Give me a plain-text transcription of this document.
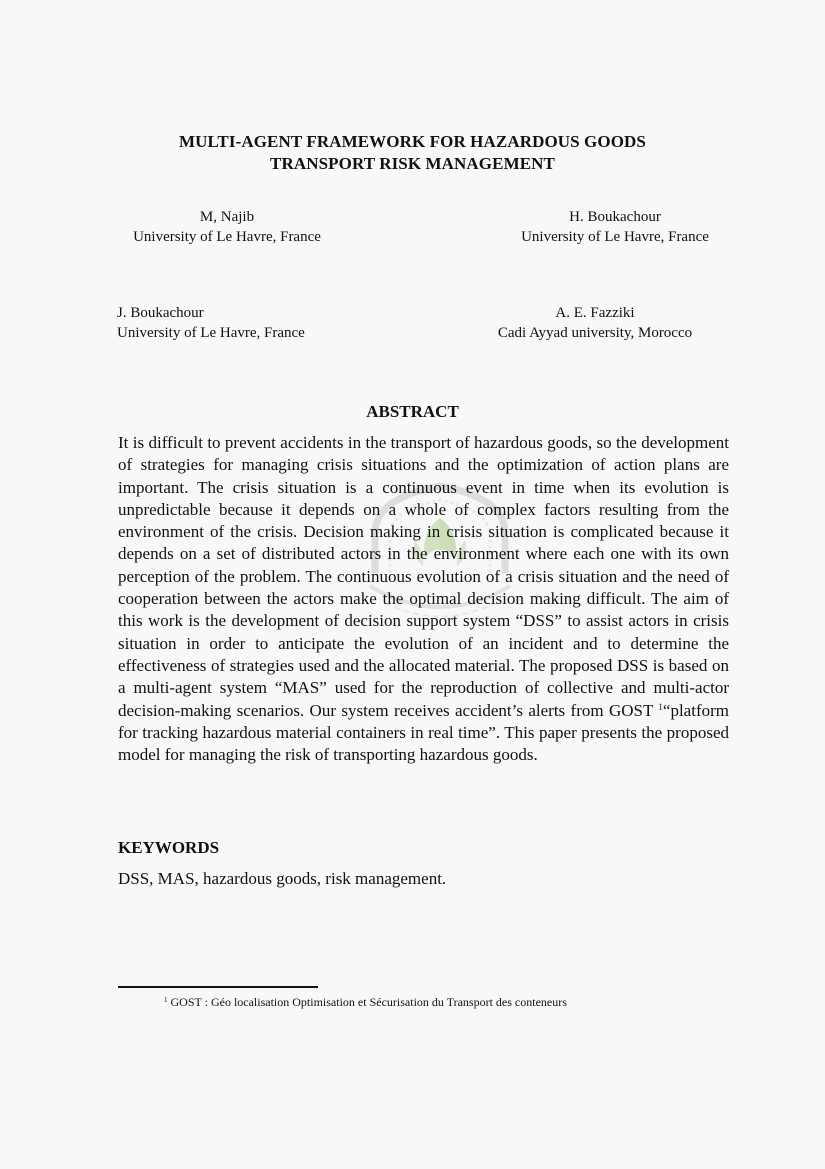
MULTI-AGENT FRAMEWORK FOR HAZARDOUS GOODS
TRANSPORT RISK MANAGEMENT
M, Najib
University of Le Havre, France
H. Boukachour
University of Le Havre, France
J. Boukachour
University of Le Havre, France
A. E. Fazziki
Cadi Ayyad university, Morocco
ABSTRACT
It is difficult to prevent accidents in the transport of hazardous goods, so the development of strategies for managing crisis situations and the optimization of action plans are important. The crisis situation is a continuous event in time when its evolution is unpredictable because it depends on a whole of complex factors resulting from the environment of the crisis. Decision making in crisis situation is complicated because it depends on a set of distributed actors in the environment where each one with its own perception of the problem. The continuous evolution of a crisis situation and the need of cooperation between the actors make the optimal decision making difficult. The aim of this work is the development of decision support system “DSS” to assist actors in crisis situation in order to anticipate the evolution of an incident and to determine the effectiveness of strategies used and the allocated material. The proposed DSS is based on a multi-agent system “MAS” used for the reproduction of collective and multi-actor decision-making scenarios. Our system receives accident’s alerts from GOST $^1$“platform for tracking hazardous material containers in real time”. This paper presents the proposed model for managing the risk of transporting hazardous goods.
KEYWORDS
DSS, MAS, hazardous goods, risk management.
$^1$ GOST : Géo localisation Optimisation et Sécurisation du Transport des conteneurs
